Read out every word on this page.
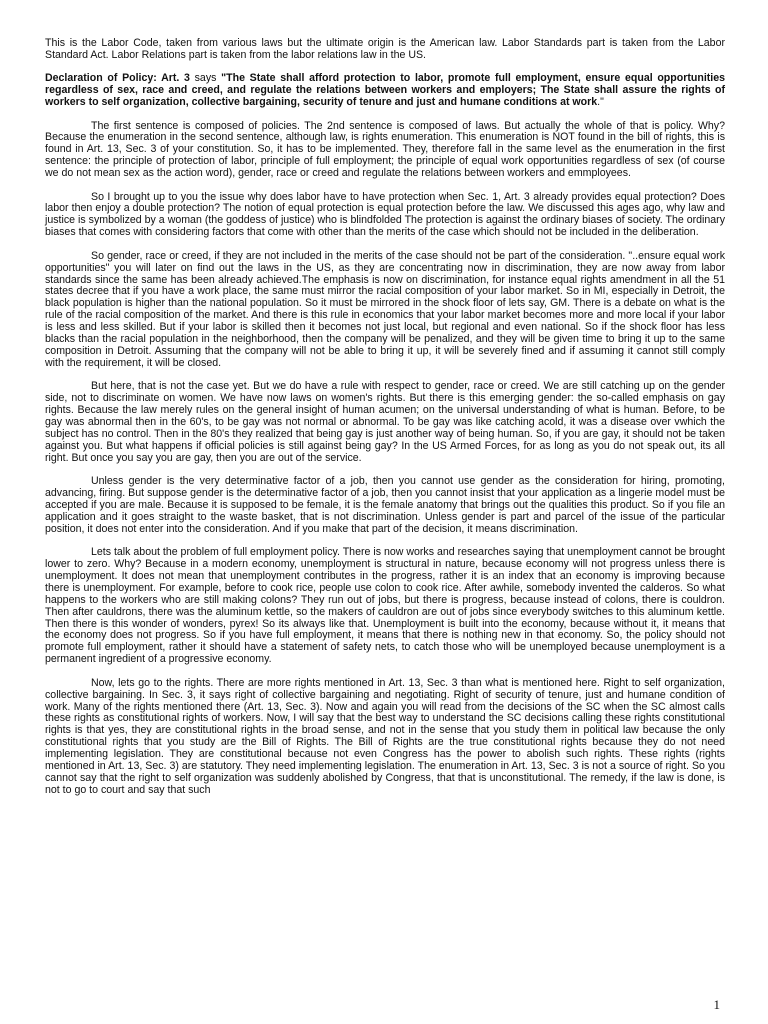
This is the Labor Code, taken from various laws but the ultimate origin is the American law. Labor Standards part is taken from the Labor Standard Act. Labor Relations part is taken from the labor relations law in the US.

Declaration of Policy: Art. 3 says "The State shall afford protection to labor, promote full employment, ensure equal opportunities regardless of sex, race and creed, and regulate the relations between workers and employers; The State shall assure the rights of workers to self organization, collective bargaining, security of tenure and just and humane conditions at work."

The first sentence is composed of policies. The 2nd sentence is composed of laws. But actually the whole of that is policy. Why? Because the enumeration in the second sentence, although law, is rights enumeration. This enumeration is NOT found in the bill of rights, this is found in Art. 13, Sec. 3 of your constitution. So, it has to be implemented. They, therefore fall in the same level as the enumeration in the first sentence: the principle of protection of labor, principle of full employment; the principle of equal work opportunities regardless of sex (of course we do not mean sex as the action word), gender, race or creed and regulate the relations between workers and emmployees.

So I brought up to you the issue why does labor have to have protection when Sec. 1, Art. 3 already provides equal protection? Does labor then enjoy a double protection? The notion of equal protection is equal protection before the law. We discussed this ages ago, why law and justice is symbolized by a woman (the goddess of justice) who is blindfolded The protection is against the ordinary biases of society. The ordinary biases that comes with considering factors that come with other than the merits of the case which should not be included in the deliberation.

So gender, race or creed, if they are not included in the merits of the case should not be part of the consideration. "..ensure equal work opportunities" you will later on find out the laws in the US, as they are concentrating now in discrimination, they are now away from labor standards since the same has been already achieved.The emphasis is now on discrimination, for instance equal rights amendment in all the 51 states decree that if you have a work place, the same must mirror the racial composition of your labor market. So in MI, especially in Detroit, the black population is higher than the national population. So it must be mirrored in the shock floor of lets say, GM. There is a debate on what is the rule of the racial composition of the market. And there is this rule in economics that your labor market becomes more and more local if your labor is less and less skilled. But if your labor is skilled then it becomes not just local, but regional and even national. So if the shock floor has less blacks than the racial population in the neighborhood, then the company will be penalized, and they will be given time to bring it up to the same composition in Detroit. Assuming that the company will not be able to bring it up, it will be severely fined and if assuming it cannot still comply with the requirement, it will be closed.

But here, that is not the case yet. But we do have a rule with respect to gender, race or creed. We are still catching up on the gender side, not to discriminate on women. We have now laws on women's rights. But there is this emerging gender: the so-called emphasis on gay rights. Because the law merely rules on the general insight of human acumen; on the universal understanding of what is human. Before, to be gay was abnormal then in the 60's, to be gay was not normal or abnormal. To be gay was like catching acold, it was a disease over vwhich the subject has no control. Then in the 80's they realized that being gay is just another way of being human. So, if you are gay, it should not be taken against you. But what happens if official policies is still against being gay? In the US Armed Forces, for as long as you do not speak out, its all right. But once you say you are gay, then you are out of the service.

Unless gender is the very determinative factor of a job, then you cannot use gender as the consideration for hiring, promoting, advancing, firing. But suppose gender is the determinative factor of a job, then you cannot insist that your application as a lingerie model must be accepted if you are male. Because it is supposed to be female, it is the female anatomy that brings out the qualities this product. So if you file an application and it goes straight to the waste basket, that is not discrimination. Unless gender is part and parcel of the issue of the particular position, it does not enter into the consideration. And if you make that part of the decision, it means discrimination.

Lets talk about the problem of full employment policy. There is now works and researches saying that unemployment cannot be brought lower to zero. Why? Because in a modern economy, unemployment is structural in nature, because economy will not progress unless there is unemployment. It does not mean that unemployment contributes in the progress, rather it is an index that an economy is improving because there is unemployment. For example, before to cook rice, people use colon to cook rice. After awhile, somebody invented the calderos. So what happens to the workers who are still making colons? They run out of jobs, but there is progress, because instead of colons, there is couldron. Then after cauldrons, there was the aluminum kettle, so the makers of cauldron are out of jobs since everybody switches to this aluminum kettle. Then there is this wonder of wonders, pyrex! So its always like that. Unemployment is built into the economy, because without it, it means that the economy does not progress. So if you have full employment, it means that there is nothing new in that economy. So, the policy should not promote full employment, rather it should have a statement of safety nets, to catch those who will be unemployed because unemployment is a permanent ingredient of a progressive economy.

Now, lets go to the rights. There are more rights mentioned in Art. 13, Sec. 3 than what is mentioned here. Right to self organization, collective bargaining. In Sec. 3, it says right of collective bargaining and negotiating. Right of security of tenure, just and humane condition of work. Many of the rights mentioned there (Art. 13, Sec. 3). Now and again you will read from the decisions of the SC when the SC almost calls these rights as constitutional rights of workers. Now, I will say that the best way to understand the SC decisions calling these rights constitutional rights is that yes, they are constitutional rights in the broad sense, and not in the sense that you study them in political law because the only constitutional rights that you study are the Bill of Rights. The Bill of Rights are the true constitutional rights because they do not need implementing legislation. They are constitutional because not even Congress has the power to abolish such rights. These rights (rights mentioned in Art. 13, Sec. 3) are statutory. They need implementing legislation. The enumeration in Art. 13, Sec. 3 is not a source of right. So you cannot say that the right to self organization was suddenly abolished by Congress, that that is unconstitutional. The remedy, if the law is done, is not to go to court and say that such

1
